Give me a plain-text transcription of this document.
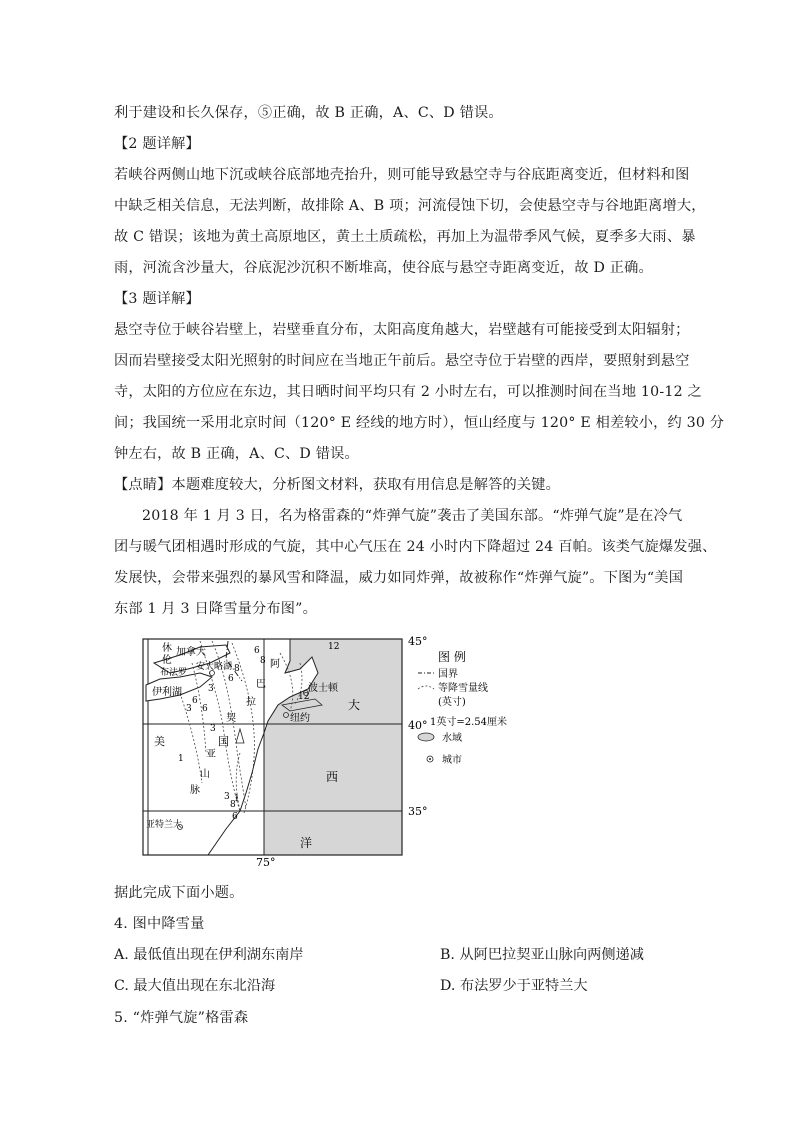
利于建设和长久保存，⑤正确，故 B 正确，A、C、D 错误。
【2 题详解】
若峡谷两侧山地下沉或峡谷底部地壳抬升，则可能导致悬空寺与谷底距离变近，但材料和图
中缺乏相关信息，无法判断，故排除 A、B 项；河流侵蚀下切，会使悬空寺与谷地距离增大，
故 C 错误；该地为黄土高原地区，黄土土质疏松，再加上为温带季风气候，夏季多大雨、暴
雨，河流含沙量大，谷底泥沙沉积不断堆高，使谷底与悬空寺距离变近，故 D 正确。
【3 题详解】
悬空寺位于峡谷岩壁上，岩壁垂直分布，太阳高度角越大，岩壁越有可能接受到太阳辐射；
因而岩壁接受太阳光照射的时间应在当地正午前后。悬空寺位于岩壁的西岸，要照射到悬空
寺，太阳的方位应在东边，其日晒时间平均只有 2 小时左右，可以推测时间在当地 10-12 之
间；我国统一采用北京时间（120° E 经线的地方时），恒山经度与 120° E 相差较小，约 30 分
钟左右，故 B 正确，A、C、D 错误。
【点睛】本题难度较大，分析图文材料，获取有用信息是解答的关键。
2018 年 1 月 3 日，名为格雷森的“炸弹气旋”袭击了美国东部。“炸弹气旋”是在冷气
团与暖气团相遇时形成的气旋，其中心气压在 24 小时内下降超过 24 百帕。该类气旋爆发强、
发展快，会带来强烈的暴风雪和降温，威力如同炸弹，故被称作“炸弹气旋”。下图为“美国
东部 1 月 3 日降雪量分布图”。
45°
40°
35°
75°
休
伦
加拿大
布法罗
安大略湖
伊利湖
阿
巴
拉
契
亚
山
脉
美	国
波士顿
纽约
亚特兰大
大
西
洋
12
6
8
8
6
3
3
6
6
1
3
12
1
3
6
8
图 例
国界
等降雪量线
(英寸)
1英寸=2.54厘米
水域
城市
据此完成下面小题。
4. 图中降雪量
A. 最低值出现在伊利湖东南岸	B. 从阿巴拉契亚山脉向两侧递减
C. 最大值出现在东北沿海	D. 布法罗少于亚特兰大
5. “炸弹气旋”格雷森
